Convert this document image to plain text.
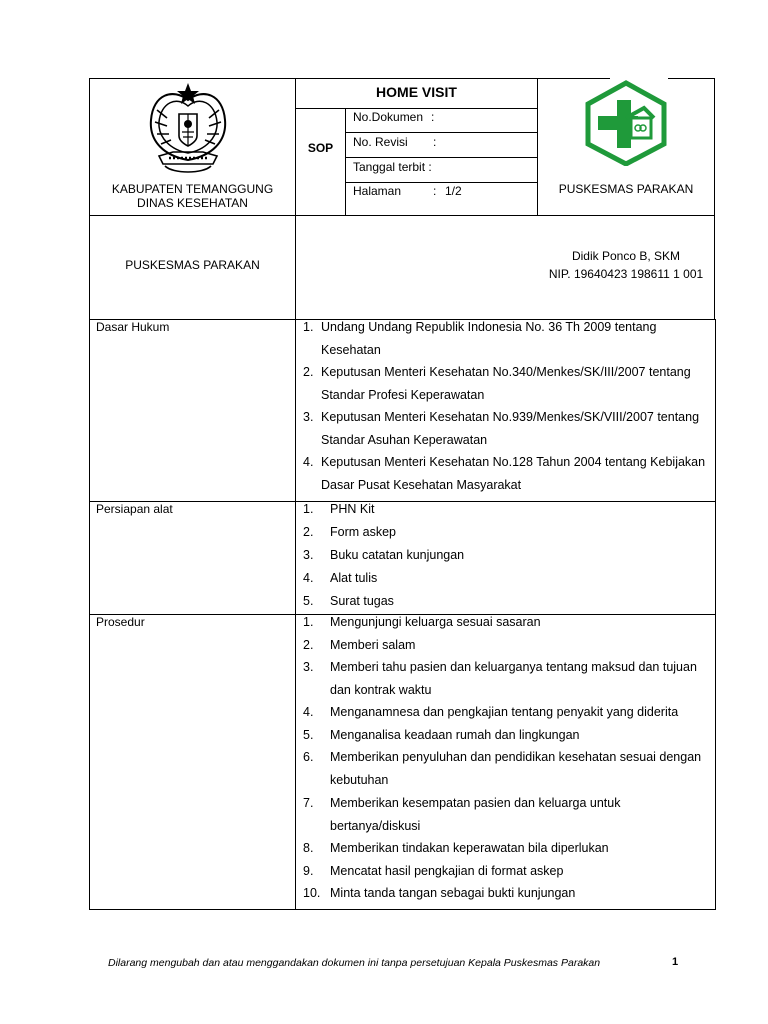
KABUPATEN TEMANGGUNG
DINAS KESEHATAN
HOME VISIT
SOP
No.Dokumen :
No. Revisi :
Tanggal terbit :
Halaman	: 1/2	PUSKESMAS PARAKAN
PUSKESMAS PARAKAN
Didik Ponco B, SKM
NIP. 19640423 198611 1 001
Dasar Hukum	1. Undang Undang Republik Indonesia No. 36 Th 2009 tentang
Kesehatan
2. Keputusan Menteri Kesehatan No.340/Menkes/SK/III/2007 tentang
Standar Profesi Keperawatan
3. Keputusan Menteri Kesehatan No.939/Menkes/SK/VIII/2007 tentang
Standar Asuhan Keperawatan
4. Keputusan Menteri Kesehatan No.128 Tahun 2004 tentang Kebijakan
Dasar Pusat Kesehatan Masyarakat
Persiapan alat	1. PHN Kit
2. Form askep
3. Buku catatan kunjungan
4. Alat tulis
5. Surat tugas
Prosedur	1. Mengunjungi keluarga sesuai sasaran
2. Memberi salam
3. Memberi tahu pasien dan keluarganya tentang maksud dan tujuan
dan kontrak waktu
4. Menganamnesa dan pengkajian tentang penyakit yang diderita
5. Menganalisa keadaan rumah dan lingkungan
6. Memberikan penyuluhan dan pendidikan kesehatan sesuai dengan
kebutuhan
7. Memberikan kesempatan pasien dan keluarga untuk
bertanya/diskusi
8. Memberikan tindakan keperawatan bila diperlukan
9. Mencatat hasil pengkajian di format askep
10. Minta tanda tangan sebagai bukti kunjungan
Dilarang mengubah dan atau menggandakan dokumen ini tanpa persetujuan Kepala Puskesmas Parakan	1
